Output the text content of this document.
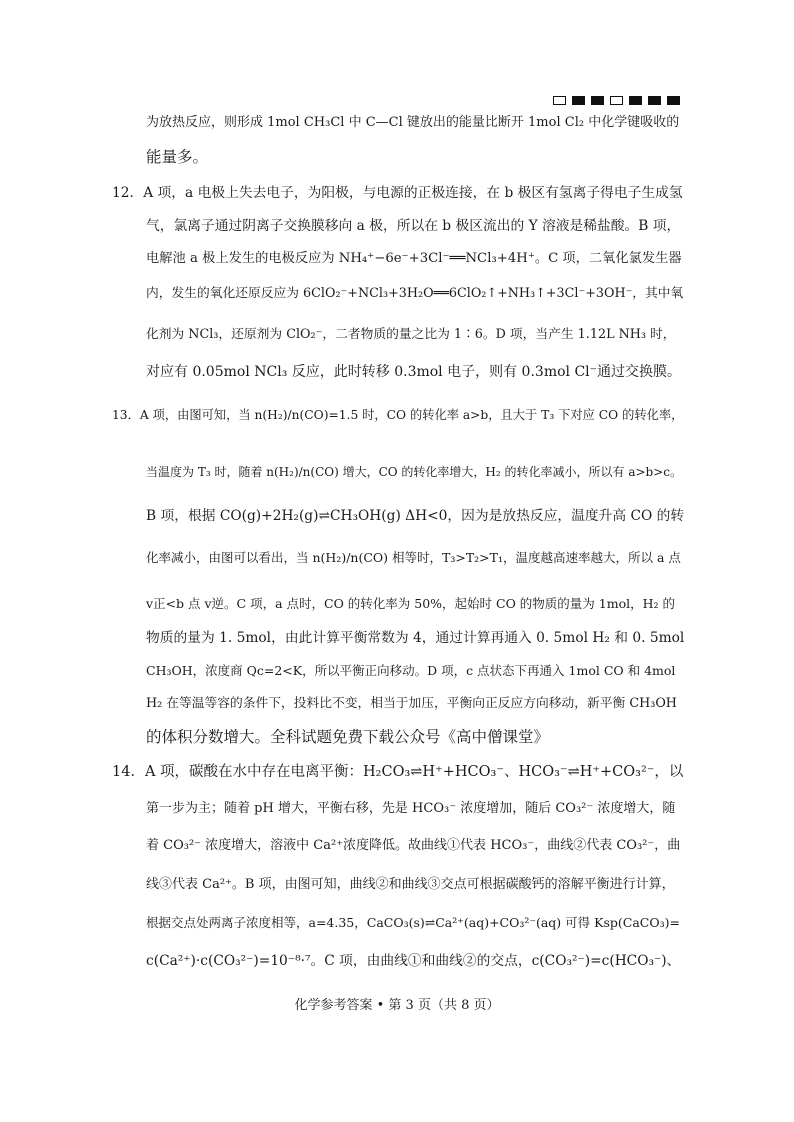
为放热反应，则形成 1mol CH₃Cl 中 C—Cl 键放出的能量比断开 1mol Cl₂ 中化学键吸收的
能量多。
12．A 项，a 电极上失去电子，为阳极，与电源的正极连接，在 b 极区有氢离子得电子生成氢
气，氯离子通过阴离子交换膜移向 a 极，所以在 b 极区流出的 Y 溶液是稀盐酸。B 项，
电解池 a 极上发生的电极反应为 NH₄⁺−6e⁻+3Cl⁻══NCl₃+4H⁺。C 项，二氧化氯发生器
内，发生的氧化还原反应为 6ClO₂⁻+NCl₃+3H₂O══6ClO₂↑+NH₃↑+3Cl⁻+3OH⁻，其中氧
化剂为 NCl₃，还原剂为 ClO₂⁻，二者物质的量之比为 1∶6。D 项，当产生 1.12L NH₃ 时，
对应有 0.05mol NCl₃ 反应，此时转移 0.3mol 电子，则有 0.3mol Cl⁻通过交换膜。
13．A 项，由图可知，当 n(H₂)/n(CO)=1.5 时，CO 的转化率 a>b，且大于 T₃ 下对应 CO 的转化率，
当温度为 T₃ 时，随着 n(H₂)/n(CO) 增大，CO 的转化率增大，H₂ 的转化率减小，所以有 a>b>c。
B 项，根据 CO(g)+2H₂(g)⇌CH₃OH(g) ΔH<0，因为是放热反应，温度升高 CO 的转
化率减小，由图可以看出，当 n(H₂)/n(CO) 相等时，T₃>T₂>T₁，温度越高速率越大，所以 a 点
v正<b 点 v逆。C 项，a 点时，CO 的转化率为 50%，起始时 CO 的物质的量为 1mol，H₂ 的
物质的量为 1. 5mol，由此计算平衡常数为 4，通过计算再通入 0. 5mol H₂ 和 0. 5mol
CH₃OH，浓度商 Qc=2<K，所以平衡正向移动。D 项，c 点状态下再通入 1mol CO 和 4mol
H₂ 在等温等容的条件下，投料比不变，相当于加压，平衡向正反应方向移动，新平衡 CH₃OH
的体积分数增大。全科试题免费下载公众号《高中僧课堂》
14．A 项，碳酸在水中存在电离平衡：H₂CO₃⇌H⁺+HCO₃⁻、HCO₃⁻⇌H⁺+CO₃²⁻，以
第一步为主；随着 pH 增大，平衡右移，先是 HCO₃⁻ 浓度增加，随后 CO₃²⁻ 浓度增大，随
着 CO₃²⁻ 浓度增大，溶液中 Ca²⁺浓度降低。故曲线①代表 HCO₃⁻，曲线②代表 CO₃²⁻，曲
线③代表 Ca²⁺。B 项，由图可知，曲线②和曲线③交点可根据碳酸钙的溶解平衡进行计算，
根据交点处两离子浓度相等，a=4.35，CaCO₃(s)⇌Ca²⁺(aq)+CO₃²⁻(aq) 可得 Ksp(CaCO₃)=
c(Ca²⁺)·c(CO₃²⁻)=10⁻⁸·⁷。C 项，由曲线①和曲线②的交点，c(CO₃²⁻)=c(HCO₃⁻)、
化学参考答案 • 第 3 页（共 8 页）
